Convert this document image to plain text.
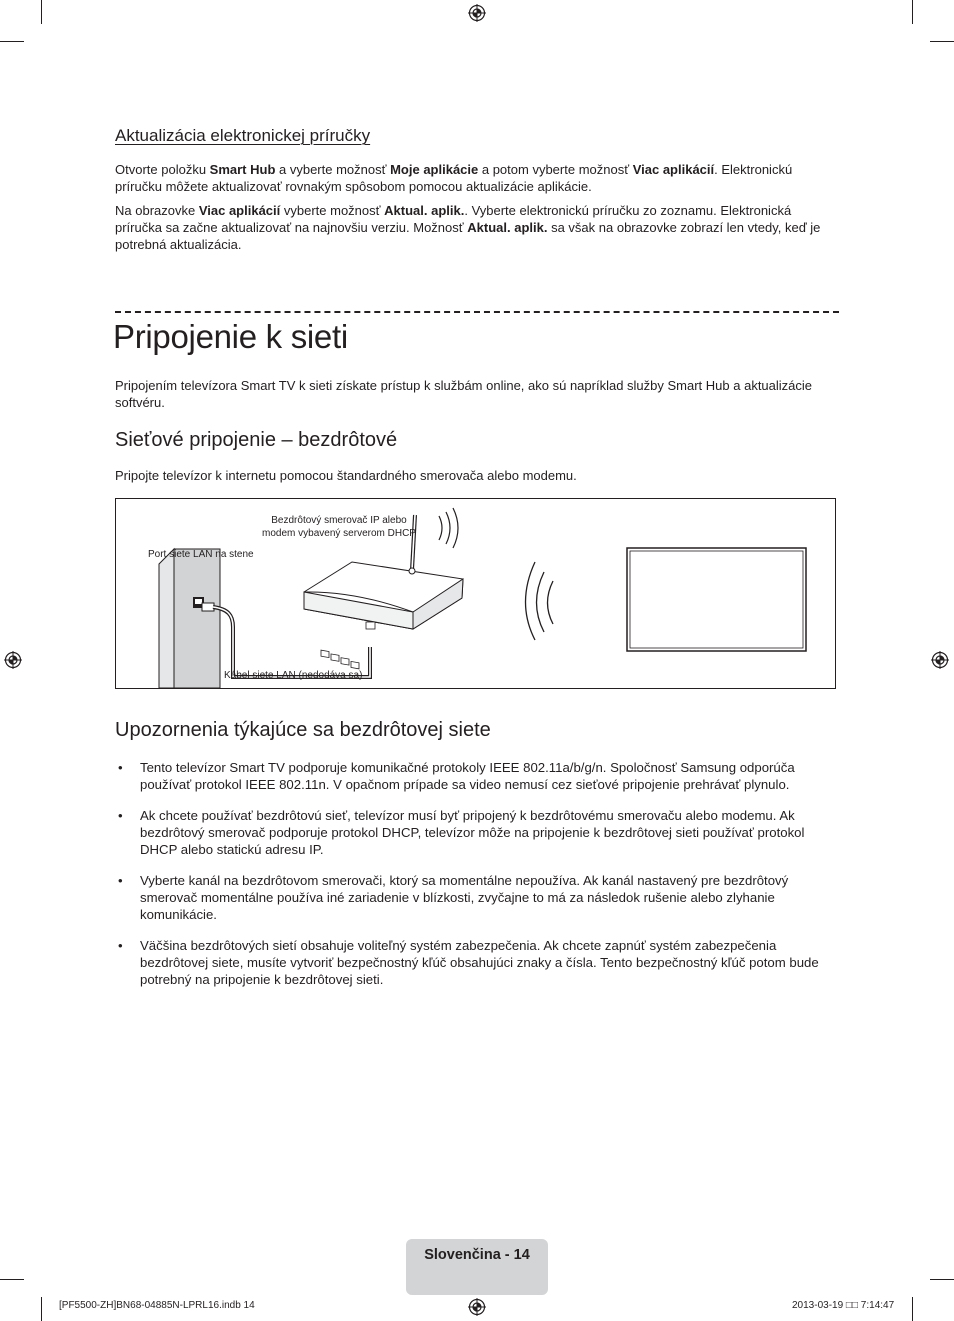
Aktualizácia elektronickej príručky

Otvorte položku Smart Hub a vyberte možnosť Moje aplikácie a potom vyberte možnosť Viac aplikácií. Elektronickú príručku môžete aktualizovať rovnakým spôsobom pomocou aktualizácie aplikácie.

Na obrazovke Viac aplikácií vyberte možnosť Aktual. aplik.. Vyberte elektronickú príručku zo zoznamu. Elektronická príručka sa začne aktualizovať na najnovšiu verziu. Možnosť Aktual. aplik. sa však na obrazovke zobrazí len vtedy, keď je potrebná aktualizácia.

Pripojenie k sieti

Pripojením televízora Smart TV k sieti získate prístup k službám online, ako sú napríklad služby Smart Hub a aktualizácie softvéru.

Sieťové pripojenie – bezdrôtové

Pripojte televízor k internetu pomocou štandardného smerovača alebo modemu.

Bezdrôtový smerovač IP alebo
modem vybavený serverom DHCP
Port siete LAN na stene
Kábel siete LAN (nedodáva sa)
Upozornenia týkajúce sa bezdrôtovej siete
• Tento televízor Smart TV podporuje komunikačné protokoly IEEE 802.11a/b/g/n. Spoločnosť Samsung odporúča používať protokol IEEE 802.11n. V opačnom prípade sa video nemusí cez sieťové pripojenie prehrávať plynulo.
• Ak chcete používať bezdrôtovú sieť, televízor musí byť pripojený k bezdrôtovému smerovaču alebo modemu. Ak bezdrôtový smerovač podporuje protokol DHCP, televízor môže na pripojenie k bezdrôtovej sieti používať protokol DHCP alebo statickú adresu IP.
• Vyberte kanál na bezdrôtovom smerovači, ktorý sa momentálne nepoužíva. Ak kanál nastavený pre bezdrôtový smerovač momentálne používa iné zariadenie v blízkosti, zvyčajne to má za následok rušenie alebo zlyhanie komunikácie.
• Väčšina bezdrôtových sietí obsahuje voliteľný systém zabezpečenia. Ak chcete zapnúť systém zabezpečenia bezdrôtovej siete, musíte vytvoriť bezpečnostný kľúč obsahujúci znaky a čísla. Tento bezpečnostný kľúč potom bude potrebný na pripojenie k bezdrôtovej sieti.
Slovenčina - 14
[PF5500-ZH]BN68-04885N-LPRL16.indb 14	2013-03-19 □□ 7:14:47
